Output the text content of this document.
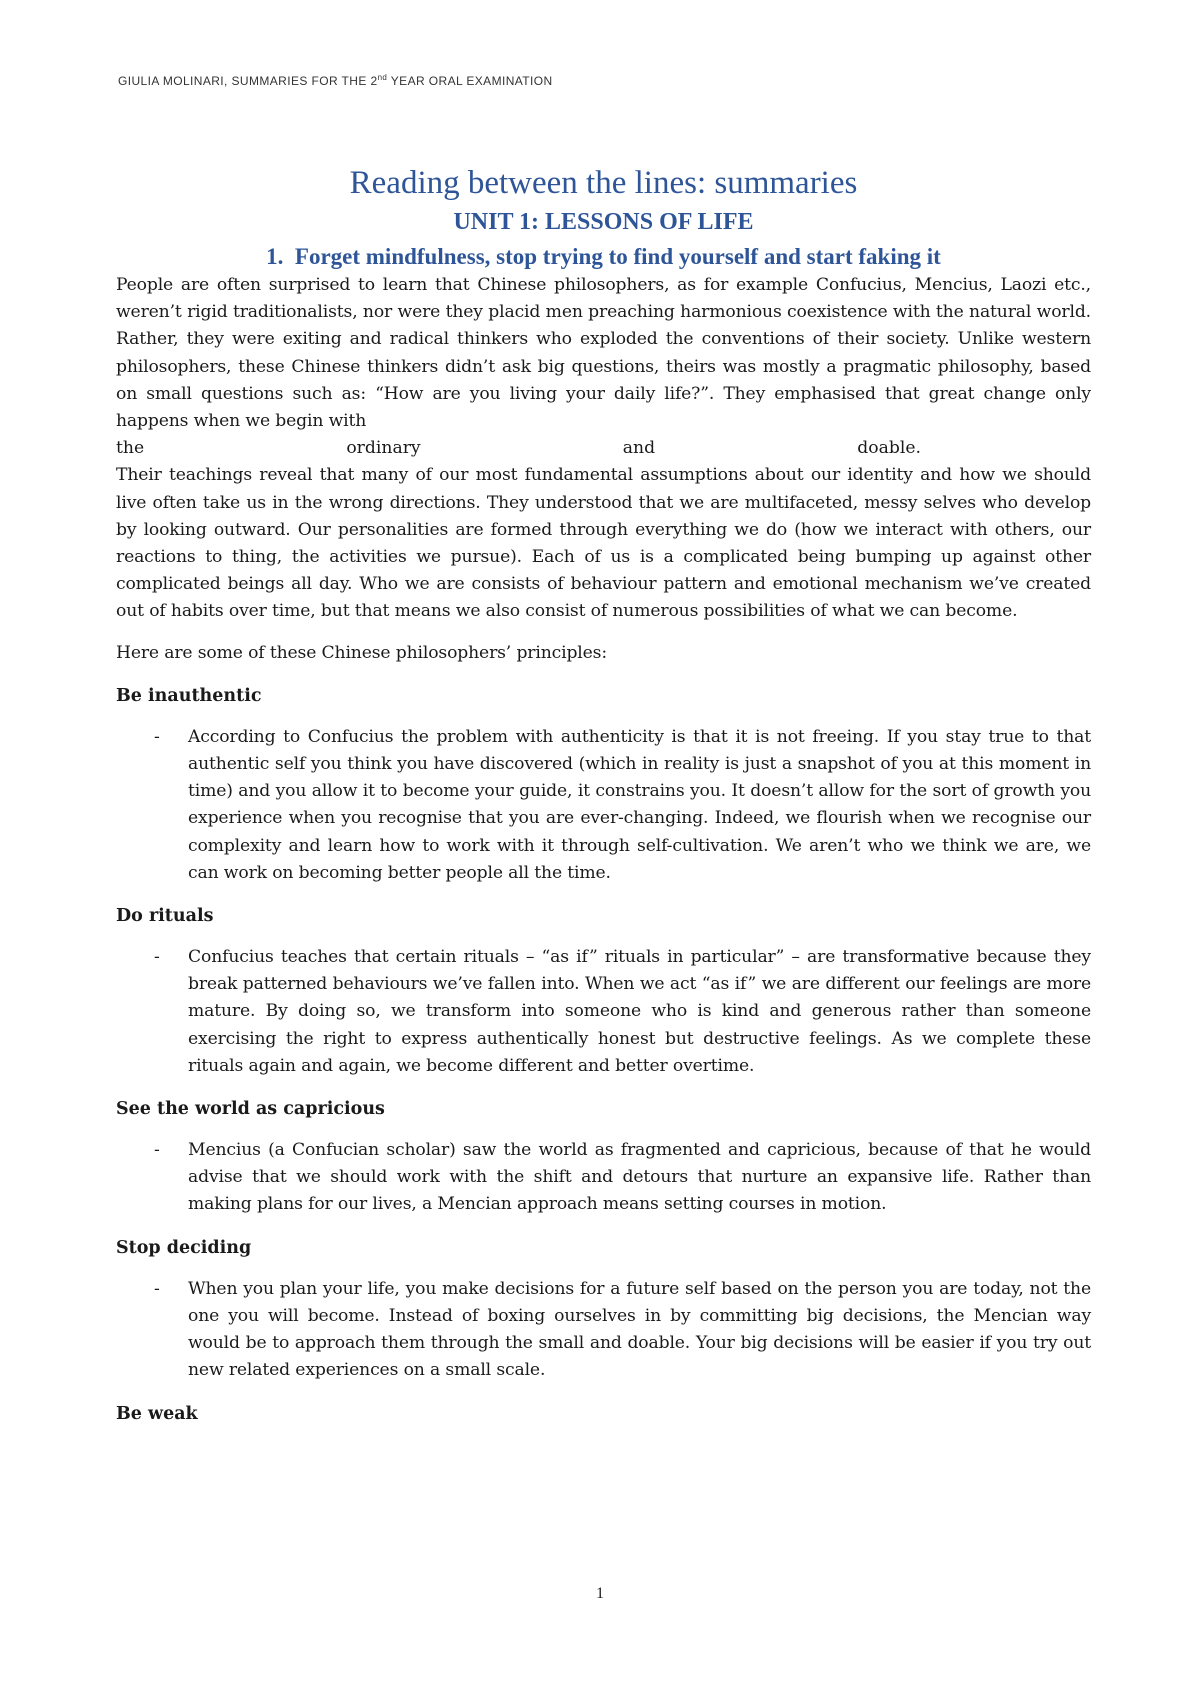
GIULIA MOLINARI, SUMMARIES FOR THE 2nd YEAR ORAL EXAMINATION
Reading between the lines: summaries
UNIT 1: LESSONS OF LIFE
1. Forget mindfulness, stop trying to find yourself and start faking it

People are often surprised to learn that Chinese philosophers, as for example Confucius, Mencius, Laozi etc., weren’t rigid traditionalists, nor were they placid men preaching harmonious coexistence with the natural world. Rather, they were exiting and radical thinkers who exploded the conventions of their society. Unlike western philosophers, these Chinese thinkers didn’t ask big questions, theirs was mostly a pragmatic philosophy, based on small questions such as: “How are you living your daily life?”. They emphasised that great change only happens when we begin with

the	ordinary	and	doable.

Their teachings reveal that many of our most fundamental assumptions about our identity and how we should live often take us in the wrong directions. They understood that we are multifaceted, messy selves who develop by looking outward. Our personalities are formed through everything we do (how we interact with others, our reactions to thing, the activities we pursue). Each of us is a complicated being bumping up against other complicated beings all day. Who we are consists of behaviour pattern and emotional mechanism we’ve created out of habits over time, but that means we also consist of numerous possibilities of what we can become.

Here are some of these Chinese philosophers’ principles:

Be inauthentic
-	According to Confucius the problem with authenticity is that it is not freeing. If you stay true to that authentic self you think you have discovered (which in reality is just a snapshot of you at this moment in time) and you allow it to become your guide, it constrains you. It doesn’t allow for the sort of growth you experience when you recognise that you are ever-changing. Indeed, we flourish when we recognise our complexity and learn how to work with it through self-cultivation. We aren’t who we think we are, we can work on becoming better people all the time.
Do rituals
-	Confucius teaches that certain rituals – “as if” rituals in particular” – are transformative because they break patterned behaviours we’ve fallen into. When we act “as if” we are different our feelings are more mature. By doing so, we transform into someone who is kind and generous rather than someone exercising the right to express authentically honest but destructive feelings. As we complete these rituals again and again, we become different and better overtime.
See the world as capricious
-	Mencius (a Confucian scholar) saw the world as fragmented and capricious, because of that he would advise that we should work with the shift and detours that nurture an expansive life. Rather than making plans for our lives, a Mencian approach means setting courses in motion.
Stop deciding
-	When you plan your life, you make decisions for a future self based on the person you are today, not the one you will become. Instead of boxing ourselves in by committing big decisions, the Mencian way would be to approach them through the small and doable. Your big decisions will be easier if you try out new related experiences on a small scale.
Be weak
1
